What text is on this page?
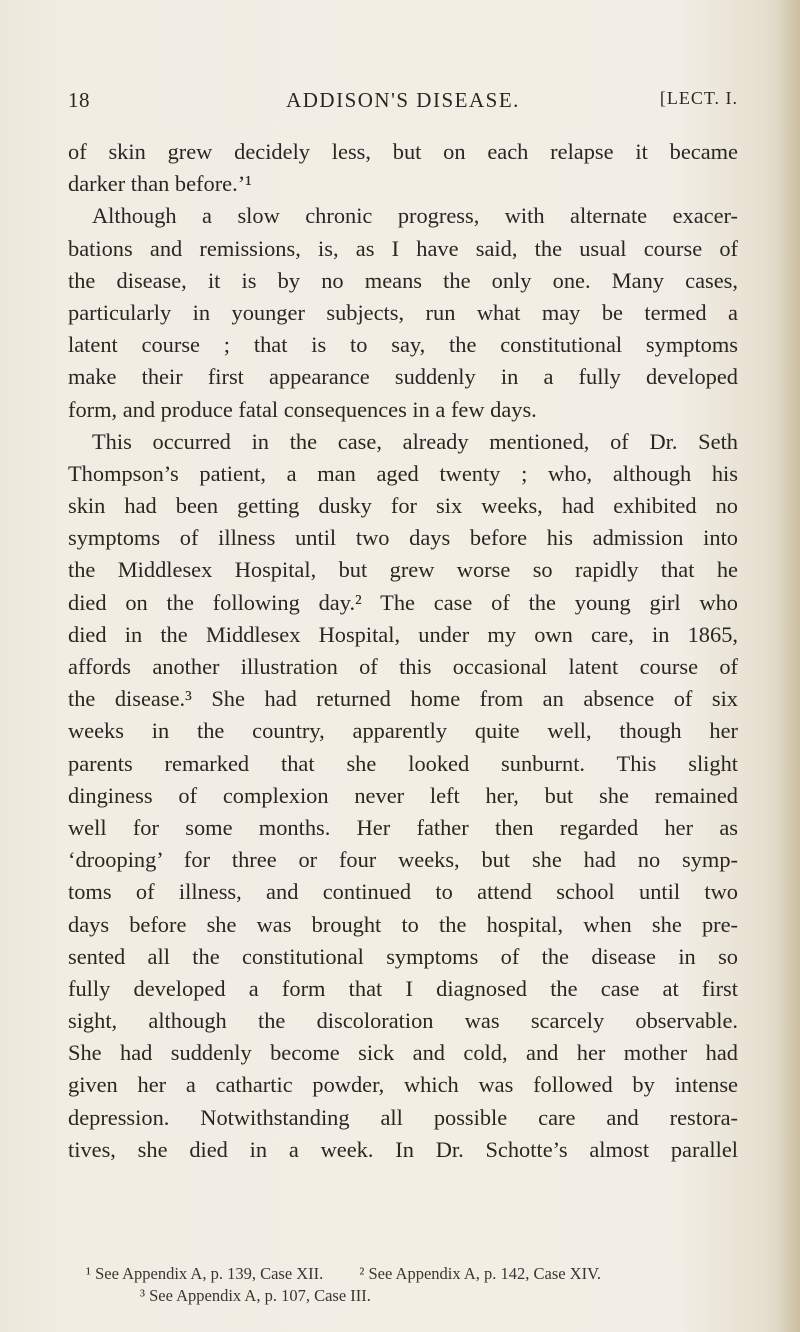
18	ADDISON'S DISEASE.	[LECT. I.
of skin grew decidely less, but on each relapse it became
darker than before.’¹
Although a slow chronic progress, with alternate exacer-
bations and remissions, is, as I have said, the usual course of
the disease, it is by no means the only one. Many cases,
particularly in younger subjects, run what may be termed a
latent course ; that is to say, the constitutional symptoms
make their first appearance suddenly in a fully developed
form, and produce fatal consequences in a few days.
This occurred in the case, already mentioned, of Dr. Seth
Thompson’s patient, a man aged twenty ; who, although his
skin had been getting dusky for six weeks, had exhibited no
symptoms of illness until two days before his admission into
the Middlesex Hospital, but grew worse so rapidly that he
died on the following day.² The case of the young girl who
died in the Middlesex Hospital, under my own care, in 1865,
affords another illustration of this occasional latent course of
the disease.³ She had returned home from an absence of six
weeks in the country, apparently quite well, though her
parents remarked that she looked sunburnt. This slight
dinginess of complexion never left her, but she remained
well for some months. Her father then regarded her as
‘drooping’ for three or four weeks, but she had no symp-
toms of illness, and continued to attend school until two
days before she was brought to the hospital, when she pre-
sented all the constitutional symptoms of the disease in so
fully developed a form that I diagnosed the case at first
sight, although the discoloration was scarcely observable.
She had suddenly become sick and cold, and her mother had
given her a cathartic powder, which was followed by intense
depression. Notwithstanding all possible care and restora-
tives, she died in a week. In Dr. Schotte’s almost parallel
¹ See Appendix A, p. 139, Case XII. ² See Appendix A, p. 142, Case XIV.
³ See Appendix A, p. 107, Case III.
